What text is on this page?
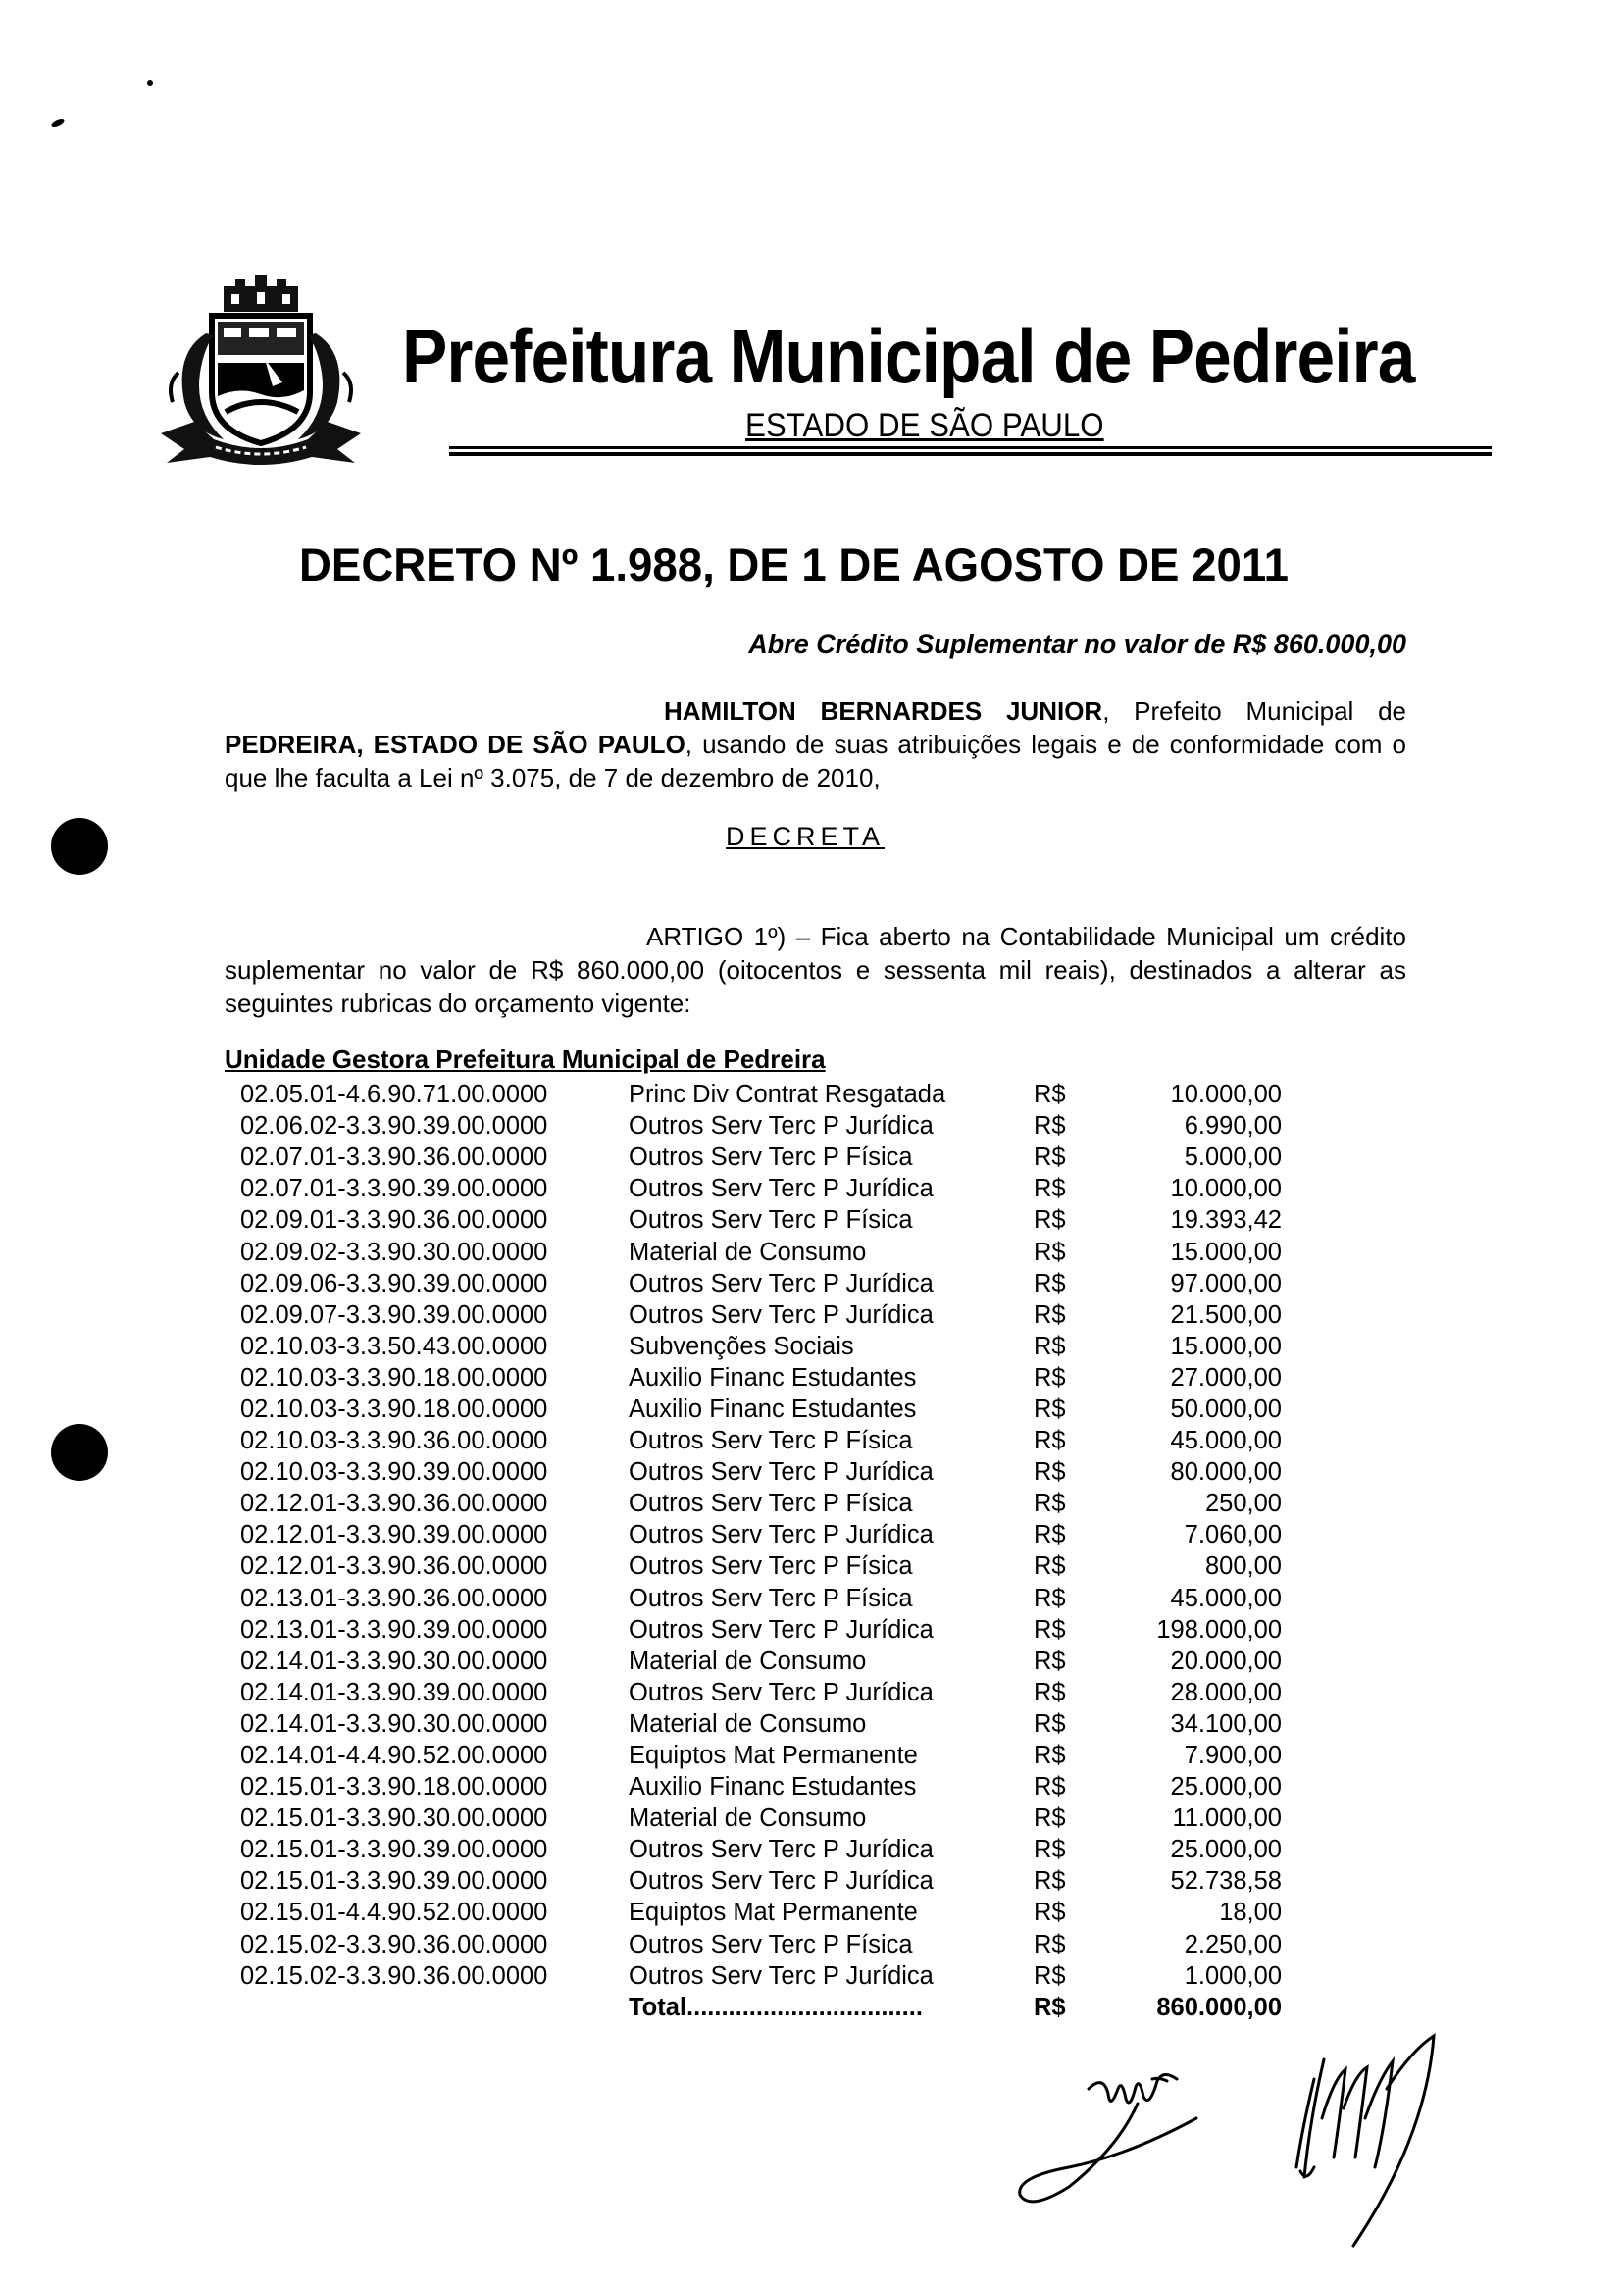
Prefeitura Municipal de Pedreira
ESTADO DE SÃO PAULO
DECRETO Nº 1.988, DE 1 DE AGOSTO DE 2011
Abre Crédito Suplementar no valor de R$ 860.000,00
HAMILTON BERNARDES JUNIOR, Prefeito Municipal de PEDREIRA, ESTADO DE SÃO PAULO, usando de suas atribuições legais e de conformidade com o que lhe faculta a Lei nº 3.075, de 7 de dezembro de 2010,
DECRETA
ARTIGO 1º) – Fica aberto na Contabilidade Municipal um crédito suplementar no valor de R$ 860.000,00 (oitocentos e sessenta mil reais), destinados a alterar as seguintes rubricas do orçamento vigente:
Unidade Gestora Prefeitura Municipal de Pedreira
02.05.01-4.6.90.71.00.0000	Princ Div Contrat Resgatada	R$	10.000,00
02.06.02-3.3.90.39.00.0000	Outros Serv Terc P Jurídica	R$	6.990,00
02.07.01-3.3.90.36.00.0000	Outros Serv Terc P Física	R$	5.000,00
02.07.01-3.3.90.39.00.0000	Outros Serv Terc P Jurídica	R$	10.000,00
02.09.01-3.3.90.36.00.0000	Outros Serv Terc P Física	R$	19.393,42
02.09.02-3.3.90.30.00.0000	Material de Consumo	R$	15.000,00
02.09.06-3.3.90.39.00.0000	Outros Serv Terc P Jurídica	R$	97.000,00
02.09.07-3.3.90.39.00.0000	Outros Serv Terc P Jurídica	R$	21.500,00
02.10.03-3.3.50.43.00.0000	Subvenções Sociais	R$	15.000,00
02.10.03-3.3.90.18.00.0000	Auxilio Financ Estudantes	R$	27.000,00
02.10.03-3.3.90.18.00.0000	Auxilio Financ Estudantes	R$	50.000,00
02.10.03-3.3.90.36.00.0000	Outros Serv Terc P Física	R$	45.000,00
02.10.03-3.3.90.39.00.0000	Outros Serv Terc P Jurídica	R$	80.000,00
02.12.01-3.3.90.36.00.0000	Outros Serv Terc P Física	R$	250,00
02.12.01-3.3.90.39.00.0000	Outros Serv Terc P Jurídica	R$	7.060,00
02.12.01-3.3.90.36.00.0000	Outros Serv Terc P Física	R$	800,00
02.13.01-3.3.90.36.00.0000	Outros Serv Terc P Física	R$	45.000,00
02.13.01-3.3.90.39.00.0000	Outros Serv Terc P Jurídica	R$	198.000,00
02.14.01-3.3.90.30.00.0000	Material de Consumo	R$	20.000,00
02.14.01-3.3.90.39.00.0000	Outros Serv Terc P Jurídica	R$	28.000,00
02.14.01-3.3.90.30.00.0000	Material de Consumo	R$	34.100,00
02.14.01-4.4.90.52.00.0000	Equiptos Mat Permanente	R$	7.900,00
02.15.01-3.3.90.18.00.0000	Auxilio Financ Estudantes	R$	25.000,00
02.15.01-3.3.90.30.00.0000	Material de Consumo	R$	11.000,00
02.15.01-3.3.90.39.00.0000	Outros Serv Terc P Jurídica	R$	25.000,00
02.15.01-3.3.90.39.00.0000	Outros Serv Terc P Jurídica	R$	52.738,58
02.15.01-4.4.90.52.00.0000	Equiptos Mat Permanente	R$	18,00
02.15.02-3.3.90.36.00.0000	Outros Serv Terc P Física	R$	2.250,00
02.15.02-3.3.90.36.00.0000	Outros Serv Terc P Jurídica	R$	1.000,00
	Total..................................	R$	860.000,00
